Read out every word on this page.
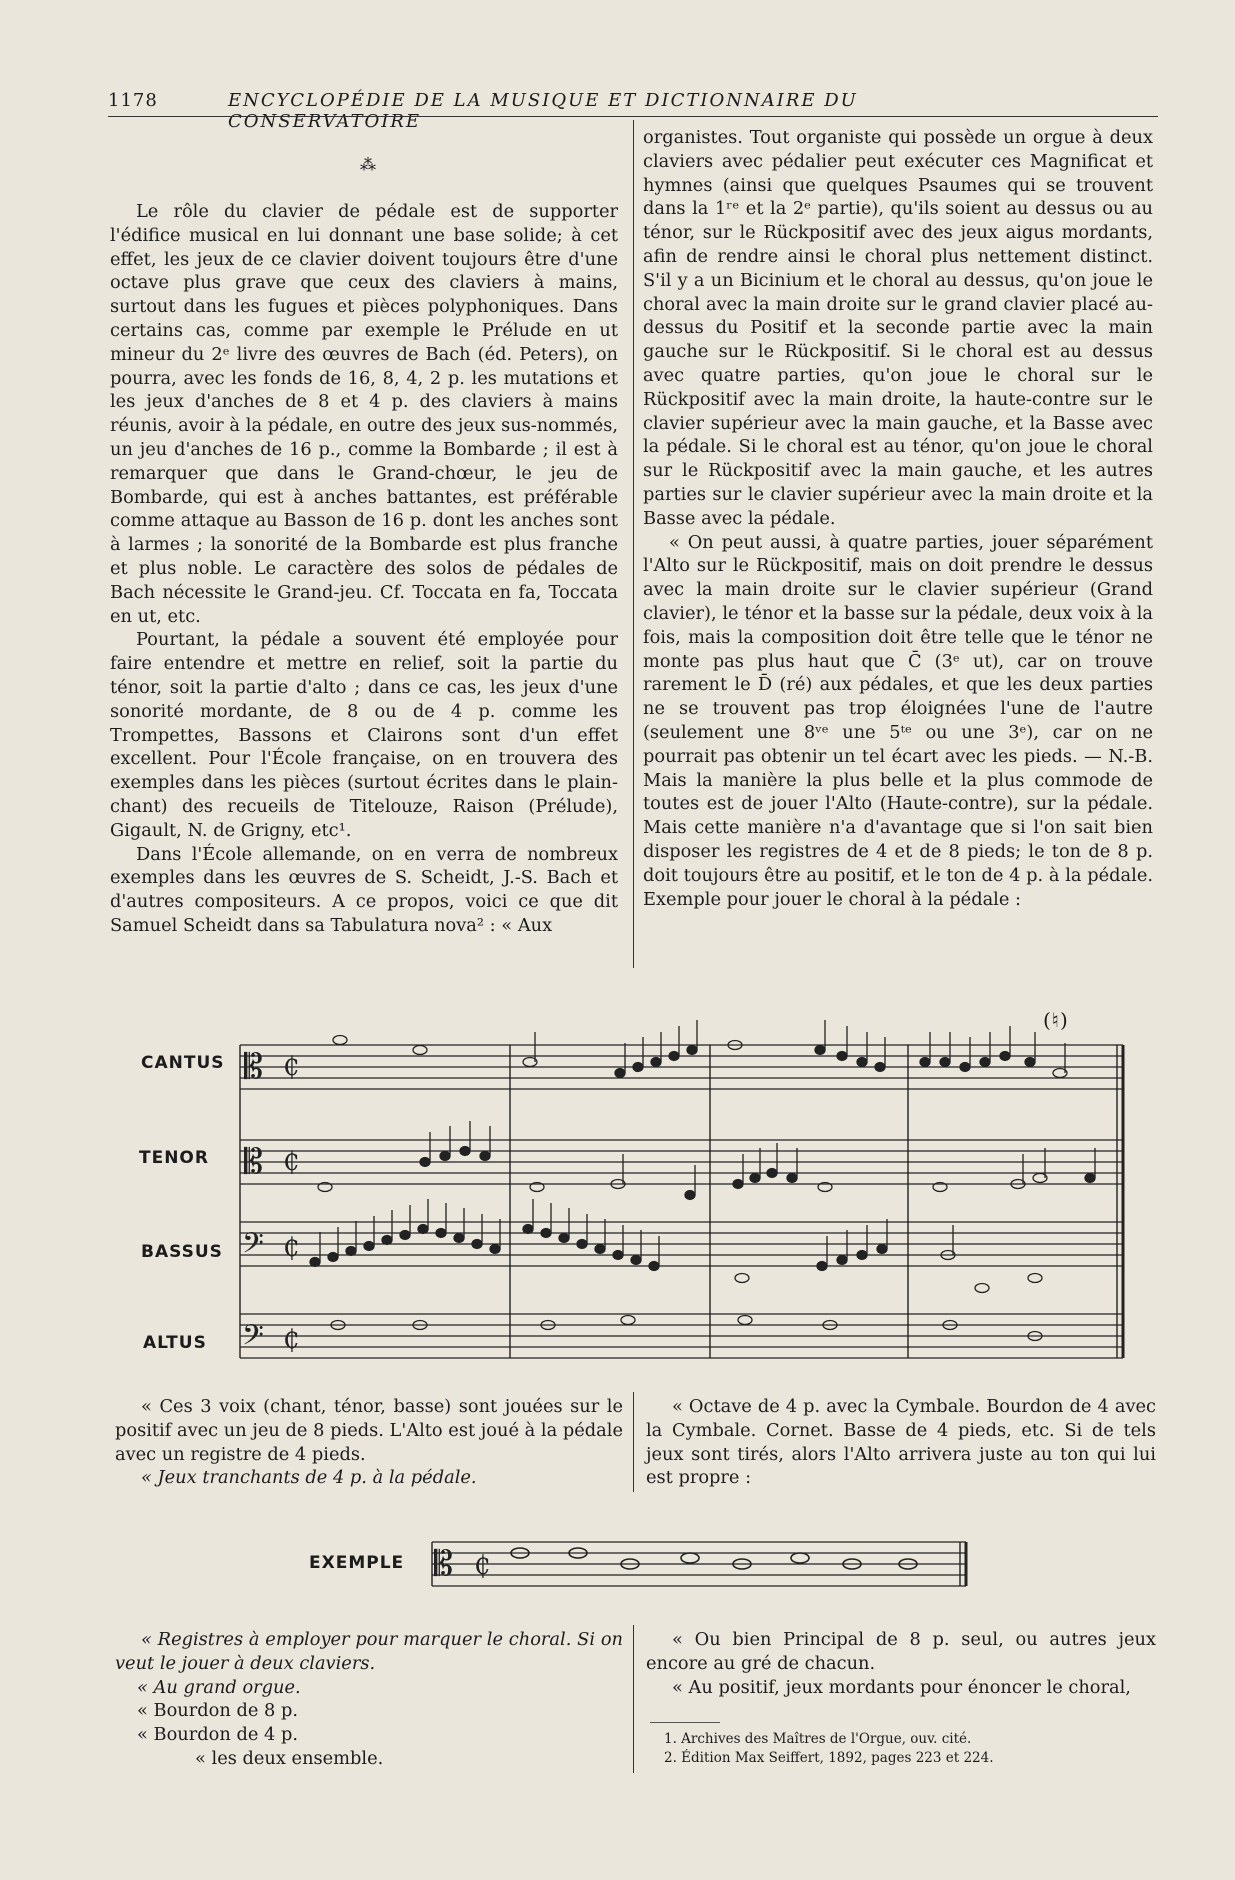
1178	ENCYCLOPÉDIE DE LA MUSIQUE ET DICTIONNAIRE DU CONSERVATOIRE
⁂

Le rôle du clavier de pédale est de supporter l'édifice musical en lui donnant une base solide; à cet effet, les jeux de ce clavier doivent toujours être d'une octave plus grave que ceux des claviers à mains, surtout dans les fugues et pièces polyphoniques. Dans certains cas, comme par exemple le Prélude en ut mineur du 2ᵉ livre des œuvres de Bach (éd. Peters), on pourra, avec les fonds de 16, 8, 4, 2 p. les mutations et les jeux d'anches de 8 et 4 p. des claviers à mains réunis, avoir à la pédale, en outre des jeux sus-nommés, un jeu d'anches de 16 p., comme la Bombarde ; il est à remarquer que dans le Grand-chœur, le jeu de Bombarde, qui est à anches battantes, est préférable comme attaque au Basson de 16 p. dont les anches sont à larmes ; la sonorité de la Bombarde est plus franche et plus noble. Le caractère des solos de pédales de Bach nécessite le Grand-jeu. Cf. Toccata en fa, Toccata en ut, etc.

Pourtant, la pédale a souvent été employée pour faire entendre et mettre en relief, soit la partie du ténor, soit la partie d'alto ; dans ce cas, les jeux d'une sonorité mordante, de 8 ou de 4 p. comme les Trompettes, Bassons et Clairons sont d'un effet excellent. Pour l'École française, on en trouvera des exemples dans les pièces (surtout écrites dans le plain-chant) des recueils de Titelouze, Raison (Prélude), Gigault, N. de Grigny, etc¹.

Dans l'École allemande, on en verra de nombreux exemples dans les œuvres de S. Scheidt, J.-S. Bach et d'autres compositeurs. A ce propos, voici ce que dit Samuel Scheidt dans sa Tabulatura nova² : « Aux

organistes. Tout organiste qui possède un orgue à deux claviers avec pédalier peut exécuter ces Magnificat et hymnes (ainsi que quelques Psaumes qui se trouvent dans la 1ʳᵉ et la 2ᵉ partie), qu'ils soient au dessus ou au ténor, sur le Rückpositif avec des jeux aigus mordants, afin de rendre ainsi le choral plus nettement distinct. S'il y a un Bicinium et le choral au dessus, qu'on joue le choral avec la main droite sur le grand clavier placé au-dessus du Positif et la seconde partie avec la main gauche sur le Rückpositif. Si le choral est au dessus avec quatre parties, qu'on joue le choral sur le Rückpositif avec la main droite, la haute-contre sur le clavier supérieur avec la main gauche, et la Basse avec la pédale. Si le choral est au ténor, qu'on joue le choral sur le Rückpositif avec la main gauche, et les autres parties sur le clavier supérieur avec la main droite et la Basse avec la pédale.

« On peut aussi, à quatre parties, jouer séparément l'Alto sur le Rückpositif, mais on doit prendre le dessus avec la main droite sur le clavier supérieur (Grand clavier), le ténor et la basse sur la pédale, deux voix à la fois, mais la composition doit être telle que le ténor ne monte pas plus haut que C̄ (3ᵉ ut), car on trouve rarement le D̄ (ré) aux pédales, et que les deux parties ne se trouvent pas trop éloignées l'une de l'autre (seulement une 8ᵛᵉ une 5ᵗᵉ ou une 3ᵉ), car on ne pourrait pas obtenir un tel écart avec les pieds. — N.-B. Mais la manière la plus belle et la plus commode de toutes est de jouer l'Alto (Haute-contre), sur la pédale. Mais cette manière n'a d'avantage que si l'on sait bien disposer les registres de 4 et de 8 pieds; le ton de 8 p. doit toujours être au positif, et le ton de 4 p. à la pédale. Exemple pour jouer le choral à la pédale :

CANTUS
TENOR
BASSUS
ALTUS
(♮)
𝄡
𝄡
𝄢
𝄢
₵
₵
₵
₵
𝄡 ₵

« Ces 3 voix (chant, ténor, basse) sont jouées sur le positif avec un jeu de 8 pieds. L'Alto est joué à la pédale avec un registre de 4 pieds.

« Jeux tranchants de 4 p. à la pédale.

« Octave de 4 p. avec la Cymbale. Bourdon de 4 avec la Cymbale. Cornet. Basse de 4 pieds, etc. Si de tels jeux sont tirés, alors l'Alto arrivera juste au ton qui lui est propre :

EXEMPLE

« Registres à employer pour marquer le choral. Si on veut le jouer à deux claviers.

« Au grand orgue.

« Bourdon de 8 p.

« Bourdon de 4 p.

« les deux ensemble.

« Ou bien Principal de 8 p. seul, ou autres jeux encore au gré de chacun.

« Au positif, jeux mordants pour énoncer le choral,

1. Archives des Maîtres de l'Orgue, ouv. cité.
2. Édition Max Seiffert, 1892, pages 223 et 224.
